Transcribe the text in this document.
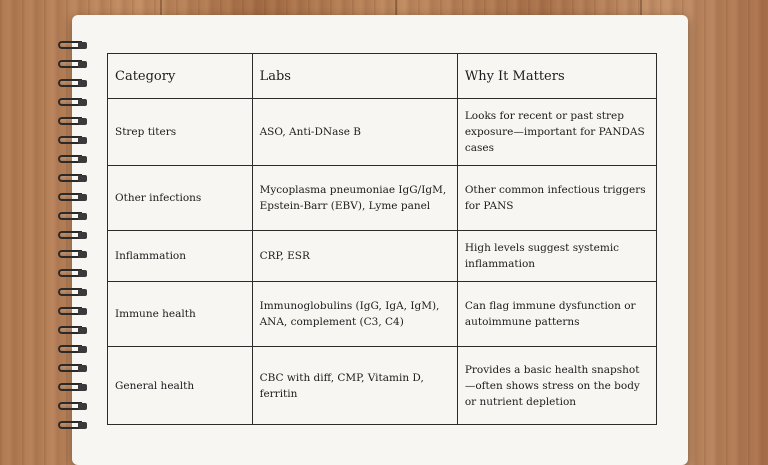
Category	Labs	Why It Matters
Strep titers	ASO, Anti-DNase B	Looks for recent or past strep exposure—important for PANDAS cases
Other infections	Mycoplasma pneumoniae IgG/IgM, Epstein-Barr (EBV), Lyme panel	Other common infectious triggers for PANS
Inflammation	CRP, ESR	High levels suggest systemic inflammation
Immune health	Immunoglobulins (IgG, IgA, IgM), ANA, complement (C3, C4)	Can flag immune dysfunction or autoimmune patterns
General health	CBC with diff, CMP, Vitamin D, ferritin	Provides a basic health snapshot—often shows stress on the body or nutrient depletion
